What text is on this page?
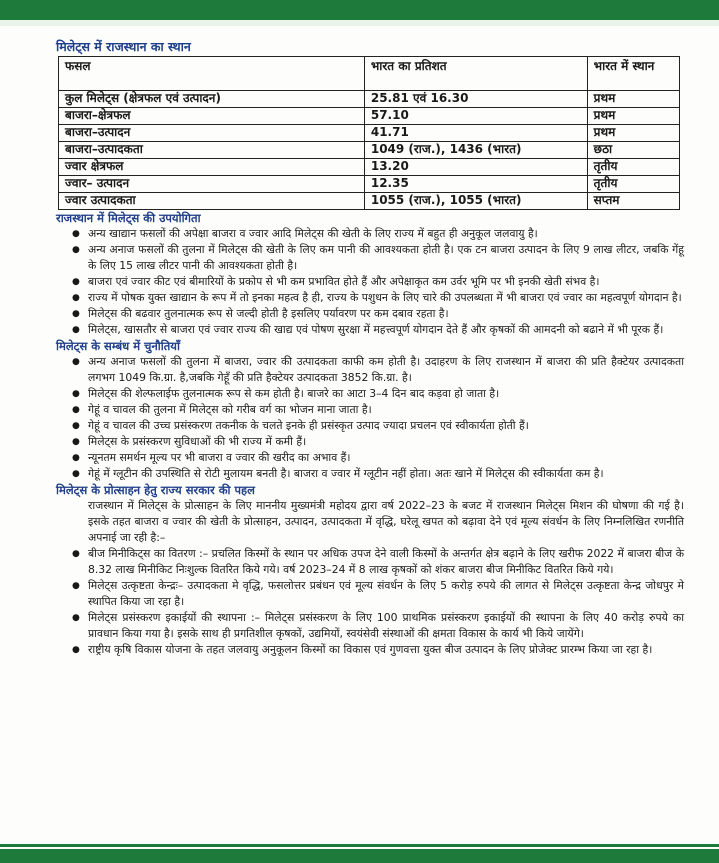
मिलेट्स में राजस्थान का स्थान

फसल	भारत का प्रतिशत	भारत में स्थान
कुल मिलेट्स (क्षेत्रफल एवं उत्पादन)	25.81 एवं 16.30	प्रथम
बाजरा–क्षेत्रफल	57.10	प्रथम
बाजरा–उत्पादन	41.71	प्रथम
बाजरा–उत्पादकता	1049 (राज.), 1436 (भारत)	छठा
ज्वार क्षेत्रफल	13.20	तृतीय
ज्वार– उत्पादन	12.35	तृतीय
ज्वार उत्पादकता	1055 (राज.), 1055 (भारत)	सप्तम

राजस्थान में मिलेट्स की उपयोगिता

● अन्य खाद्यान फसलों की अपेक्षा बाजरा व ज्वार आदि मिलेट्स की खेती के लिए राज्य में बहुत ही अनुकूल जलवायु है।
● अन्य अनाज फसलों की तुलना में मिलेट्स की खेती के लिए कम पानी की आवश्यकता होती है। एक टन बाजरा उत्पादन के लिए 9 लाख लीटर, जबकि गेंहू के लिए 15 लाख लीटर पानी की आवश्यकता होती है।
● बाजरा एवं ज्वार कीट एवं बीमारियों के प्रकोप से भी कम प्रभावित होते हैं और अपेक्षाकृत कम उर्वर भूमि पर भी इनकी खेती संभव है।
● राज्य में पोषक युक्त खाद्यान के रूप में तो इनका महत्व है ही, राज्य के पशुधन के लिए चारे की उपलब्धता में भी बाजरा एवं ज्वार का महत्वपूर्ण योगदान है।
● मिलेट्स की बढवार तुलनात्मक रूप से जल्दी होती है इसलिए पर्यावरण पर कम दबाव रहता है।
● मिलेट्स, खासतौर से बाजरा एवं ज्वार राज्य की खाद्य एवं पोषण सुरक्षा में महत्त्वपूर्ण योगदान देते हैं और कृषकों की आमदनी को बढाने में भी पूरक हैं।

मिलेट्स के सम्बंध में चुनौतियाँ

● अन्य अनाज फसलों की तुलना में बाजरा, ज्वार की उत्पादकता काफी कम होती है। उदाहरण के लिए राजस्थान में बाजरा की प्रति हैक्टेयर उत्पादकता लगभग 1049 कि.ग्रा. है,जबकि गेहूँ की प्रति हैक्टेयर उत्पादकता 3852 कि.ग्रा. है।
● मिलेट्स की शेल्फलाईफ तुलनात्मक रूप से कम होती है। बाजरे का आटा 3–4 दिन बाद कड़वा हो जाता है।
● गेहूं व चावल की तुलना में मिलेट्स को गरीब वर्ग का भोजन माना जाता है।
● गेहूं व चावल की उच्च प्रसंस्करण तकनीक के चलते इनके ही प्रसंस्कृत उत्पाद ज्यादा प्रचलन एवं स्वीकार्यता होती हैं।
● मिलेट्स के प्रसंस्करण सुविधाओं की भी राज्य में कमी हैं।
● न्यूनतम समर्थन मूल्य पर भी बाजरा व ज्वार की खरीद का अभाव हैं।
● गेहूं में ग्लूटीन की उपस्थिति से रोटी मुलायम बनती है। बाजरा व ज्वार में ग्लूटीन नहीं होता। अतः खाने में मिलेट्स की स्वीकार्यता कम है।

मिलेट्स के प्रोत्साहन हेतु राज्य सरकार की पहल

राजस्थान में मिलेट्स के प्रोत्साहन के लिए माननीय मुख्यमंत्री महोदय द्वारा वर्ष 2022–23 के बजट में राजस्थान मिलेट्स मिशन की घोषणा की गई है। इसके तहत बाजरा व ज्वार की खेती के प्रोत्साहन, उत्पादन, उत्पादकता में वृद्धि, घरेलू खपत को बढ़ावा देने एवं मूल्य संवर्धन के लिए निम्नलिखित रणनीति अपनाई जा रही है:–

● बीज मिनीकिट्स का वितरण :– प्रचलित किस्मों के स्थान पर अधिक उपज देने वाली किस्मों के अन्तर्गत क्षेत्र बढ़ाने के लिए खरीफ 2022 में बाजरा बीज के 8.32 लाख मिनीकिट निःशुल्क वितरित किये गये। वर्ष 2023–24 में 8 लाख कृषकों को शंकर बाजरा बीज मिनीकिट वितरित किये गये।
● मिलेट्स उत्कृष्टता केन्द्रः– उत्पादकता मे वृद्धि, फसलोत्तर प्रबंधन एवं मूल्य संवर्धन के लिए 5 करोड़ रुपये की लागत से मिलेट्स उत्कृष्टता केन्द्र जोधपुर मे स्थापित किया जा रहा है।
● मिलेट्स प्रसंस्करण इकाईयों की स्थापना :– मिलेट्स प्रसंस्करण के लिए 100 प्राथमिक प्रसंस्करण इकाईयों की स्थापना के लिए 40 करोड़ रुपये का प्रावधान किया गया है। इसके साथ ही प्रगतिशील कृषकों, उद्यमियों, स्वयंसेवी संस्थाओं की क्षमता विकास के कार्य भी किये जायेंगे।
● राष्ट्रीय कृषि विकास योजना के तहत जलवायु अनुकूलन किस्मों का विकास एवं गुणवत्ता युक्त बीज उत्पादन के लिए प्रोजेक्ट प्रारम्भ किया जा रहा है।
